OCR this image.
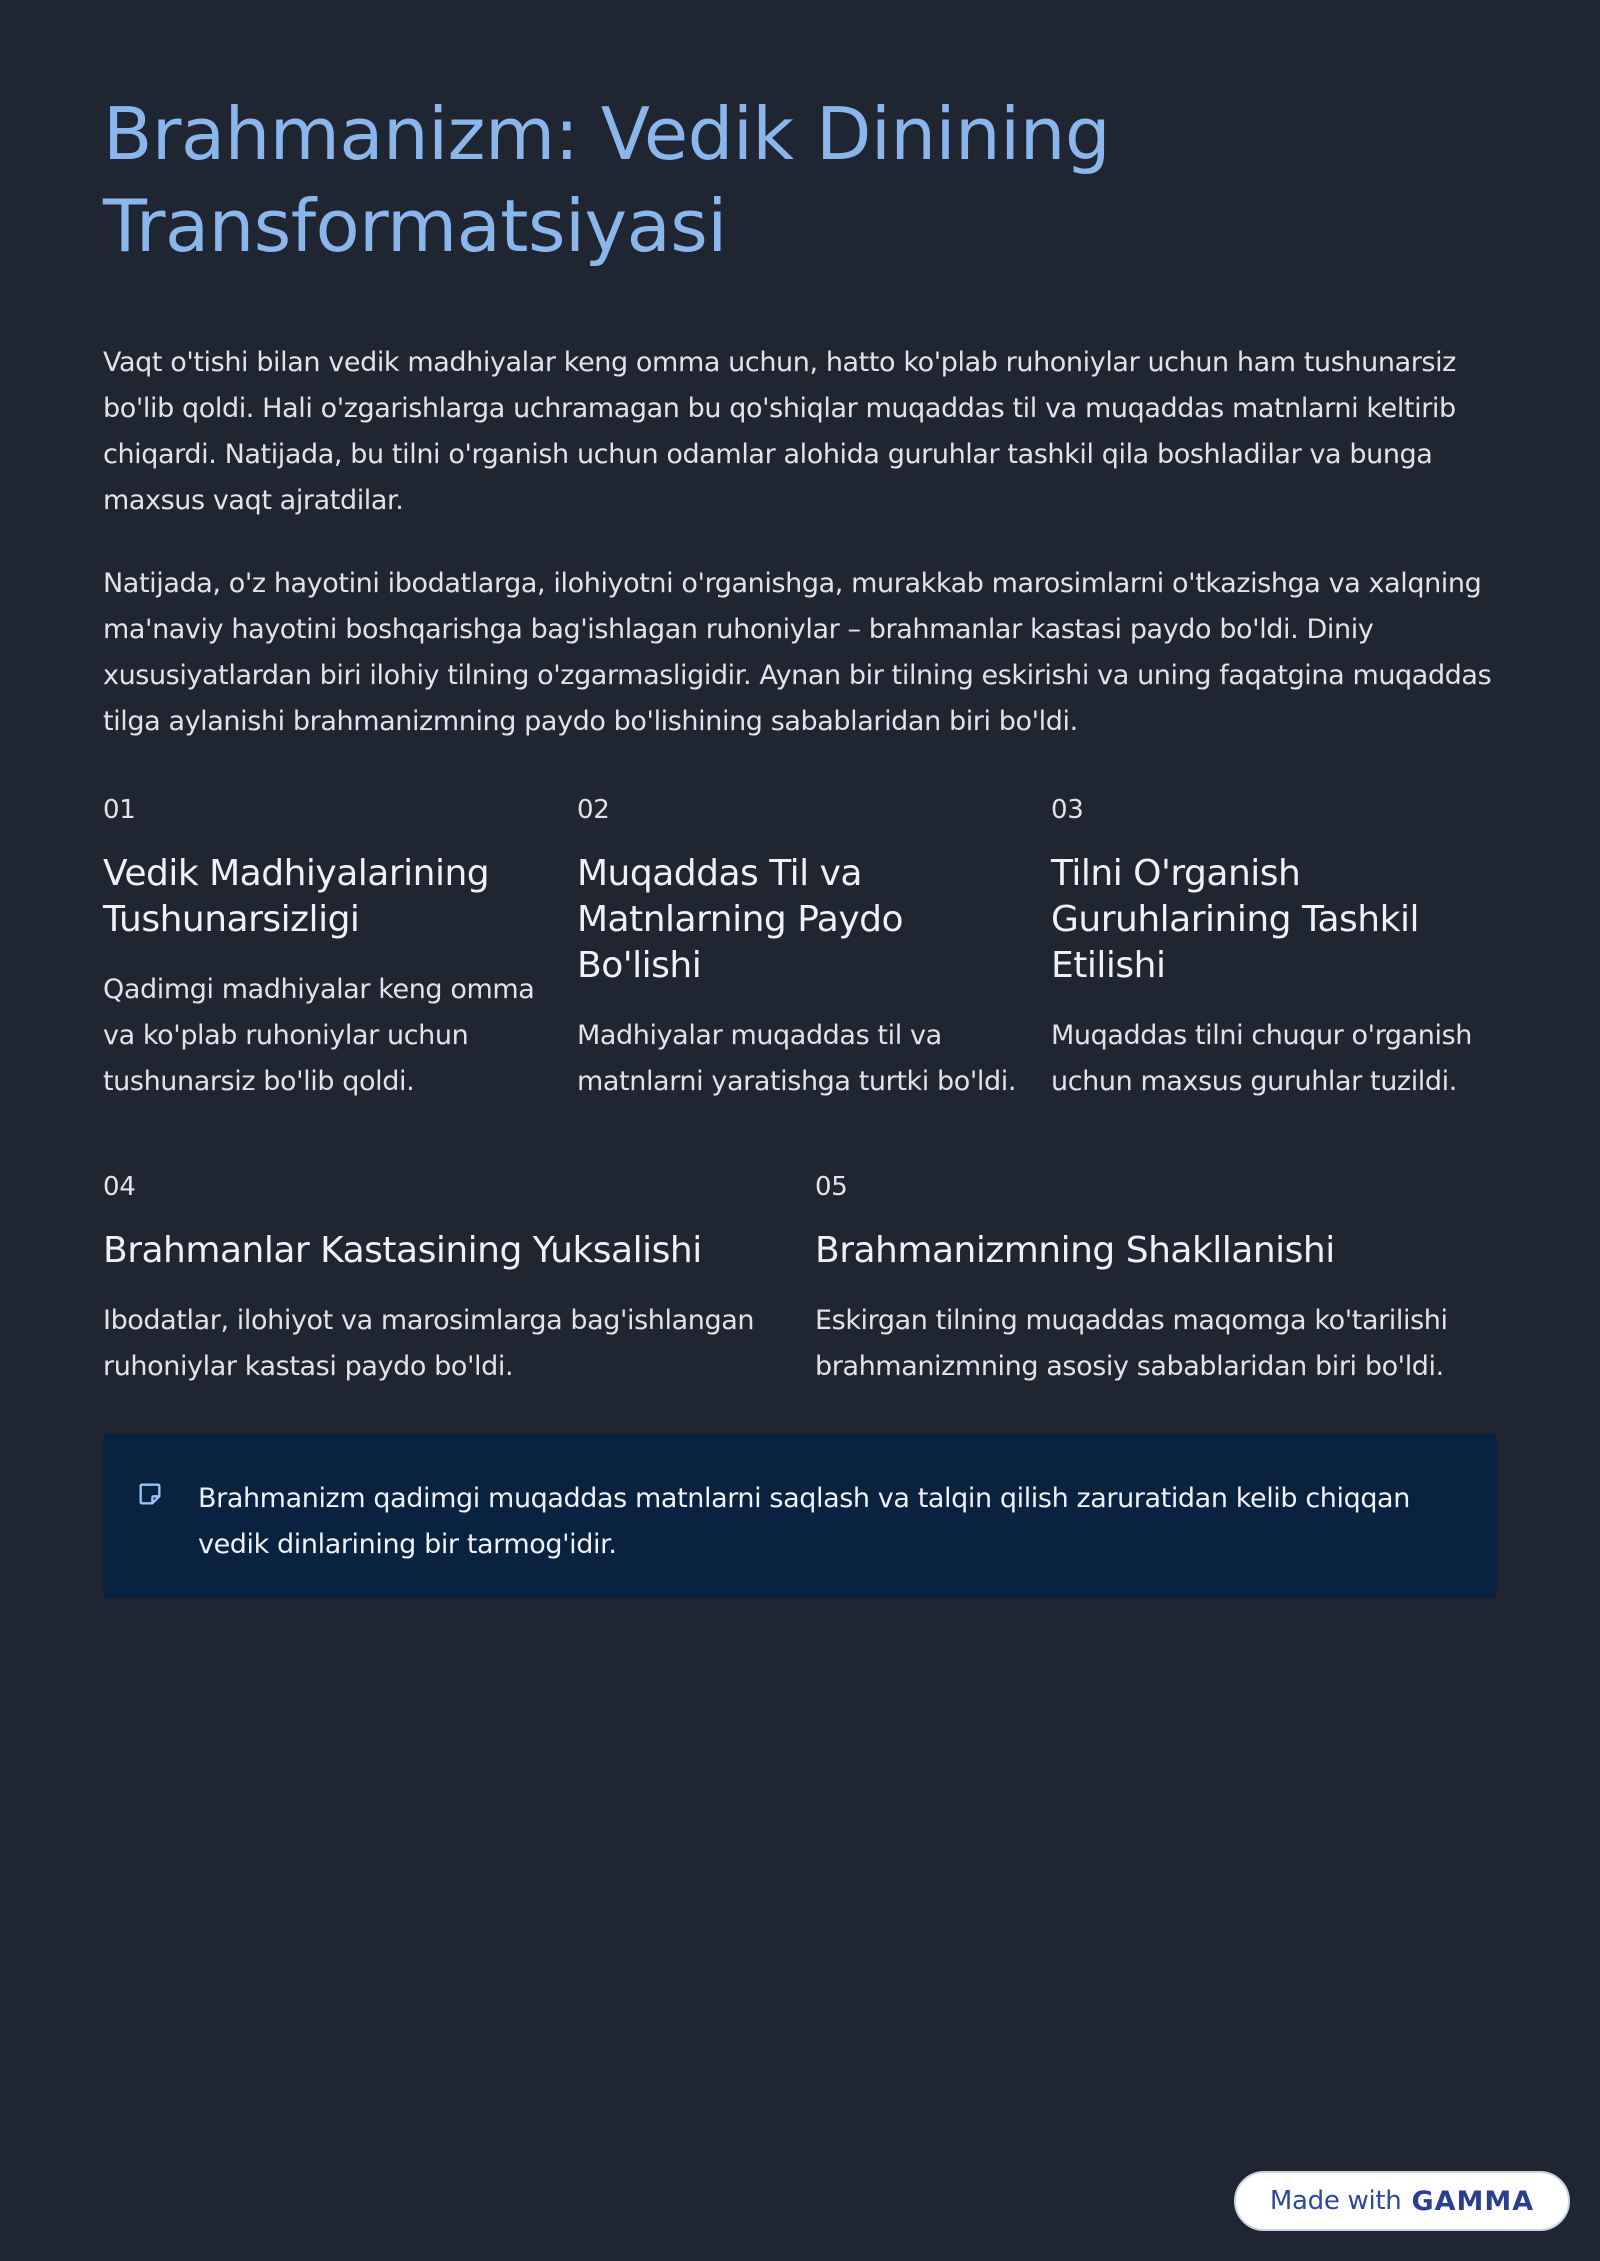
Brahmanizm: Vedik Dinining Transformatsiyasi

Vaqt o'tishi bilan vedik madhiyalar keng omma uchun, hatto ko'plab ruhoniylar uchun ham tushunarsiz bo'lib qoldi. Hali o'zgarishlarga uchramagan bu qo'shiqlar muqaddas til va muqaddas matnlarni keltirib chiqardi. Natijada, bu tilni o'rganish uchun odamlar alohida guruhlar tashkil qila boshladilar va bunga maxsus vaqt ajratdilar.

Natijada, o'z hayotini ibodatlarga, ilohiyotni o'rganishga, murakkab marosimlarni o'tkazishga va xalqning ma'naviy hayotini boshqarishga bag'ishlagan ruhoniylar – brahmanlar kastasi paydo bo'ldi. Diniy xususiyatlardan biri ilohiy tilning o'zgarmasligidir. Aynan bir tilning eskirishi va uning faqatgina muqaddas tilga aylanishi brahmanizmning paydo bo'lishining sabablaridan biri bo'ldi.

01
Vedik Madhiyalarining Tushunarsizligi

Qadimgi madhiyalar keng omma va ko'plab ruhoniylar uchun tushunarsiz bo'lib qoldi.

02
Muqaddas Til va Matnlarning Paydo Bo'lishi

Madhiyalar muqaddas til va matnlarni yaratishga turtki bo'ldi.

03
Tilni O'rganish Guruhlarining Tashkil Etilishi

Muqaddas tilni chuqur o'rganish uchun maxsus guruhlar tuzildi.

04
Brahmanlar Kastasining Yuksalishi

Ibodatlar, ilohiyot va marosimlarga bag'ishlangan ruhoniylar kastasi paydo bo'ldi.

05
Brahmanizmning Shakllanishi

Eskirgan tilning muqaddas maqomga ko'tarilishi brahmanizmning asosiy sabablaridan biri bo'ldi.

Brahmanizm qadimgi muqaddas matnlarni saqlash va talqin qilish zaruratidan kelib chiqqan vedik dinlarining bir tarmog'idir.

Made with GAMMA
